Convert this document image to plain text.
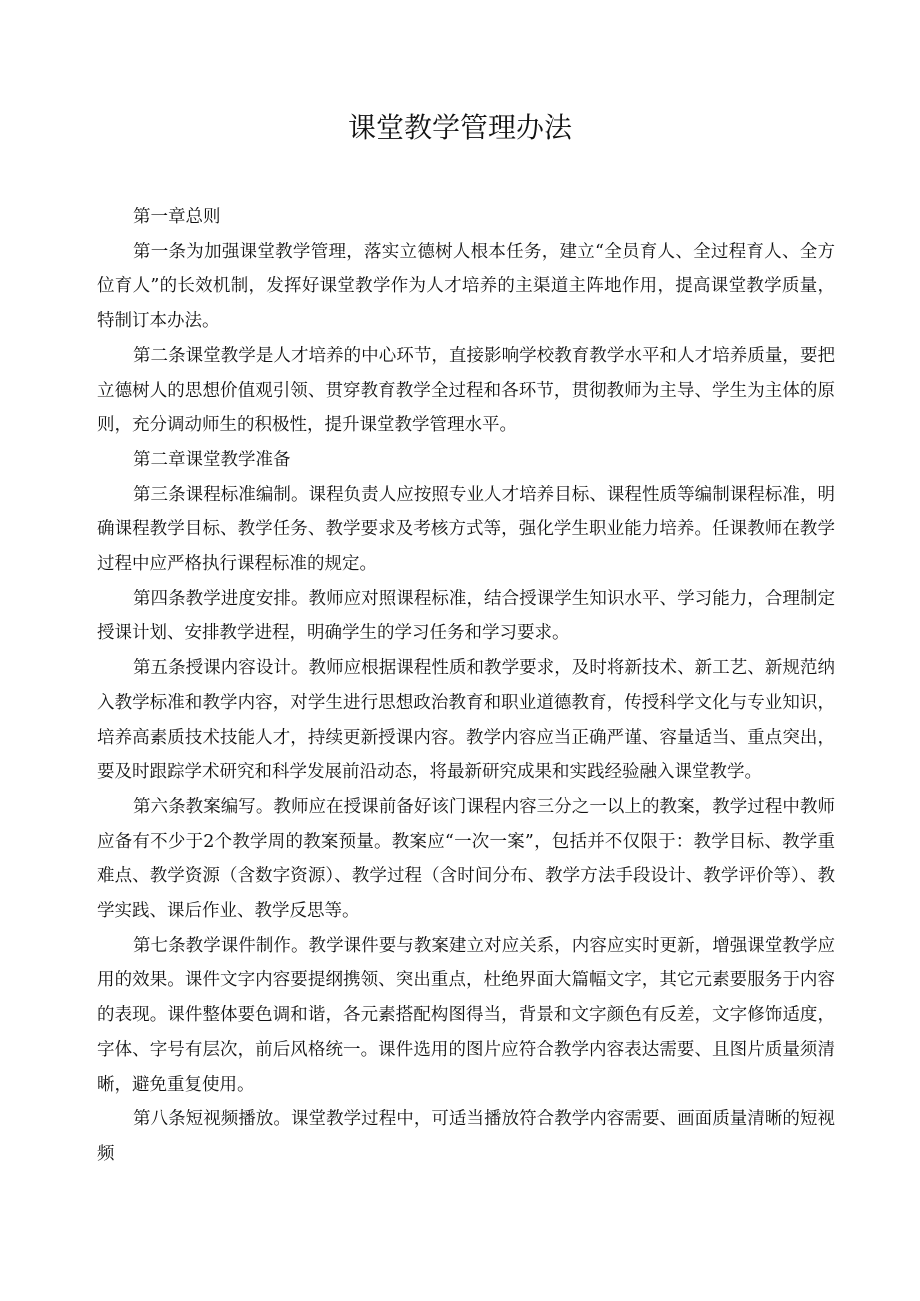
课堂教学管理办法

第一章总则

第一条为加强课堂教学管理，落实立德树人根本任务，建立“全员育人、全过程育人、全方位育人”的长效机制，发挥好课堂教学作为人才培养的主渠道主阵地作用，提高课堂教学质量，特制订本办法。

第二条课堂教学是人才培养的中心环节，直接影响学校教育教学水平和人才培养质量，要把立德树人的思想价值观引领、贯穿教育教学全过程和各环节，贯彻教师为主导、学生为主体的原则，充分调动师生的积极性，提升课堂教学管理水平。

第二章课堂教学准备

第三条课程标准编制。课程负责人应按照专业人才培养目标、课程性质等编制课程标准，明确课程教学目标、教学任务、教学要求及考核方式等，强化学生职业能力培养。任课教师在教学过程中应严格执行课程标准的规定。

第四条教学进度安排。教师应对照课程标准，结合授课学生知识水平、学习能力，合理制定授课计划、安排教学进程，明确学生的学习任务和学习要求。

第五条授课内容设计。教师应根据课程性质和教学要求，及时将新技术、新工艺、新规范纳入教学标准和教学内容，对学生进行思想政治教育和职业道德教育，传授科学文化与专业知识，培养高素质技术技能人才，持续更新授课内容。教学内容应当正确严谨、容量适当、重点突出，要及时跟踪学术研究和科学发展前沿动态，将最新研究成果和实践经验融入课堂教学。

第六条教案编写。教师应在授课前备好该门课程内容三分之一以上的教案，教学过程中教师应备有不少于2个教学周的教案预量。教案应“一次一案”，包括并不仅限于：教学目标、教学重难点、教学资源（含数字资源）、教学过程（含时间分布、教学方法手段设计、教学评价等）、教学实践、课后作业、教学反思等。

第七条教学课件制作。教学课件要与教案建立对应关系，内容应实时更新，增强课堂教学应用的效果。课件文字内容要提纲携领、突出重点，杜绝界面大篇幅文字，其它元素要服务于内容的表现。课件整体要色调和谐，各元素搭配构图得当，背景和文字颜色有反差，文字修饰适度，字体、字号有层次，前后风格统一。课件选用的图片应符合教学内容表达需要、且图片质量须清晰，避免重复使用。

第八条短视频播放。课堂教学过程中，可适当播放符合教学内容需要、画面质量清晰的短视频
